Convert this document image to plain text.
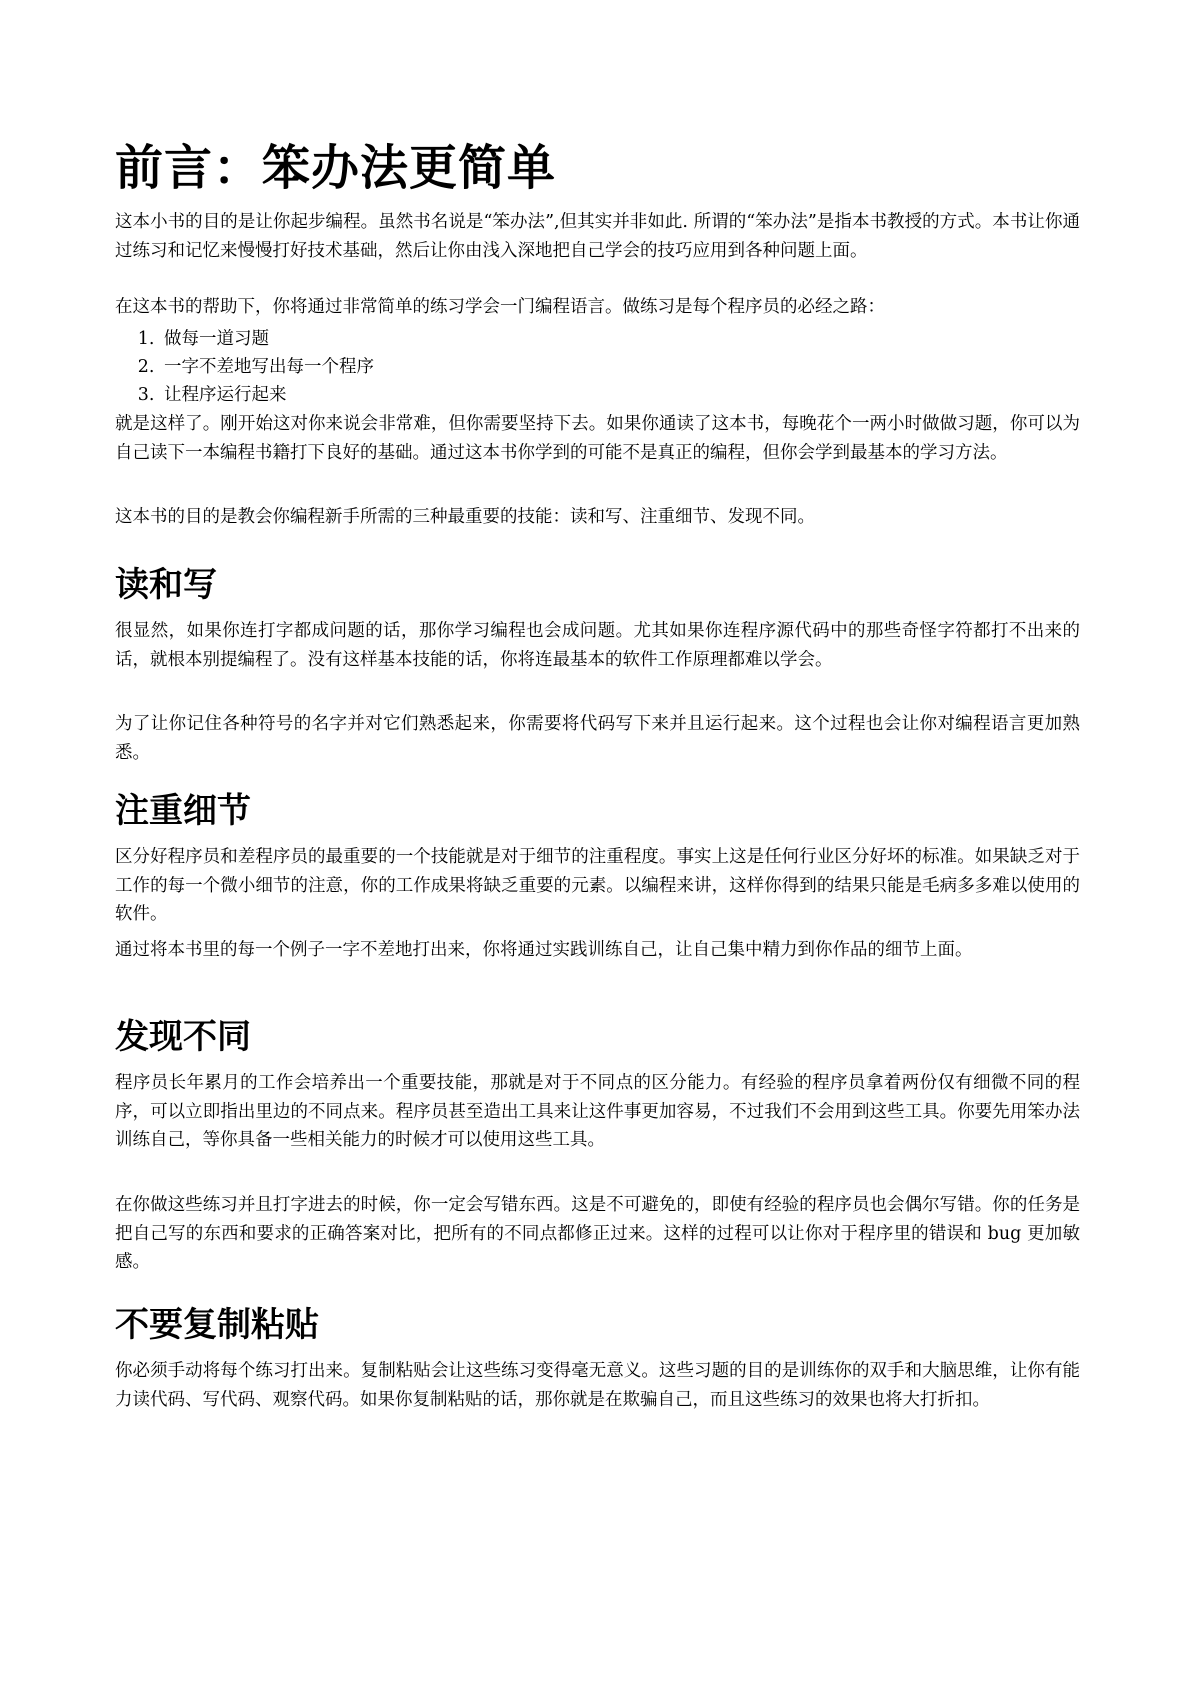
前言：笨办法更简单

这本小书的目的是让你起步编程。虽然书名说是“笨办法”,但其实并非如此. 所谓的“笨办法”是指本书教授的方式。本书让你通过练习和记忆来慢慢打好技术基础，然后让你由浅入深地把自己学会的技巧应用到各种问题上面。

在这本书的帮助下，你将通过非常简单的练习学会一门编程语言。做练习是每个程序员的必经之路：

1. 做每一道习题
2. 一字不差地写出每一个程序
3. 让程序运行起来

就是这样了。刚开始这对你来说会非常难，但你需要坚持下去。如果你通读了这本书，每晚花个一两小时做做习题，你可以为自己读下一本编程书籍打下良好的基础。通过这本书你学到的可能不是真正的编程，但你会学到最基本的学习方法。

这本书的目的是教会你编程新手所需的三种最重要的技能：读和写、注重细节、发现不同。

读和写

很显然，如果你连打字都成问题的话，那你学习编程也会成问题。尤其如果你连程序源代码中的那些奇怪字符都打不出来的话，就根本别提编程了。没有这样基本技能的话，你将连最基本的软件工作原理都难以学会。

为了让你记住各种符号的名字并对它们熟悉起来，你需要将代码写下来并且运行起来。这个过程也会让你对编程语言更加熟悉。

注重细节

区分好程序员和差程序员的最重要的一个技能就是对于细节的注重程度。事实上这是任何行业区分好坏的标准。如果缺乏对于工作的每一个微小细节的注意，你的工作成果将缺乏重要的元素。以编程来讲，这样你得到的结果只能是毛病多多难以使用的软件。

通过将本书里的每一个例子一字不差地打出来，你将通过实践训练自己，让自己集中精力到你作品的细节上面。

发现不同

程序员长年累月的工作会培养出一个重要技能，那就是对于不同点的区分能力。有经验的程序员拿着两份仅有细微不同的程序，可以立即指出里边的不同点来。程序员甚至造出工具来让这件事更加容易，不过我们不会用到这些工具。你要先用笨办法训练自己，等你具备一些相关能力的时候才可以使用这些工具。

在你做这些练习并且打字进去的时候，你一定会写错东西。这是不可避免的，即使有经验的程序员也会偶尔写错。你的任务是把自己写的东西和要求的正确答案对比，把所有的不同点都修正过来。这样的过程可以让你对于程序里的错误和 bug 更加敏感。

不要复制粘贴

你必须手动将每个练习打出来。复制粘贴会让这些练习变得毫无意义。这些习题的目的是训练你的双手和大脑思维，让你有能力读代码、写代码、观察代码。如果你复制粘贴的话，那你就是在欺骗自己，而且这些练习的效果也将大打折扣。
